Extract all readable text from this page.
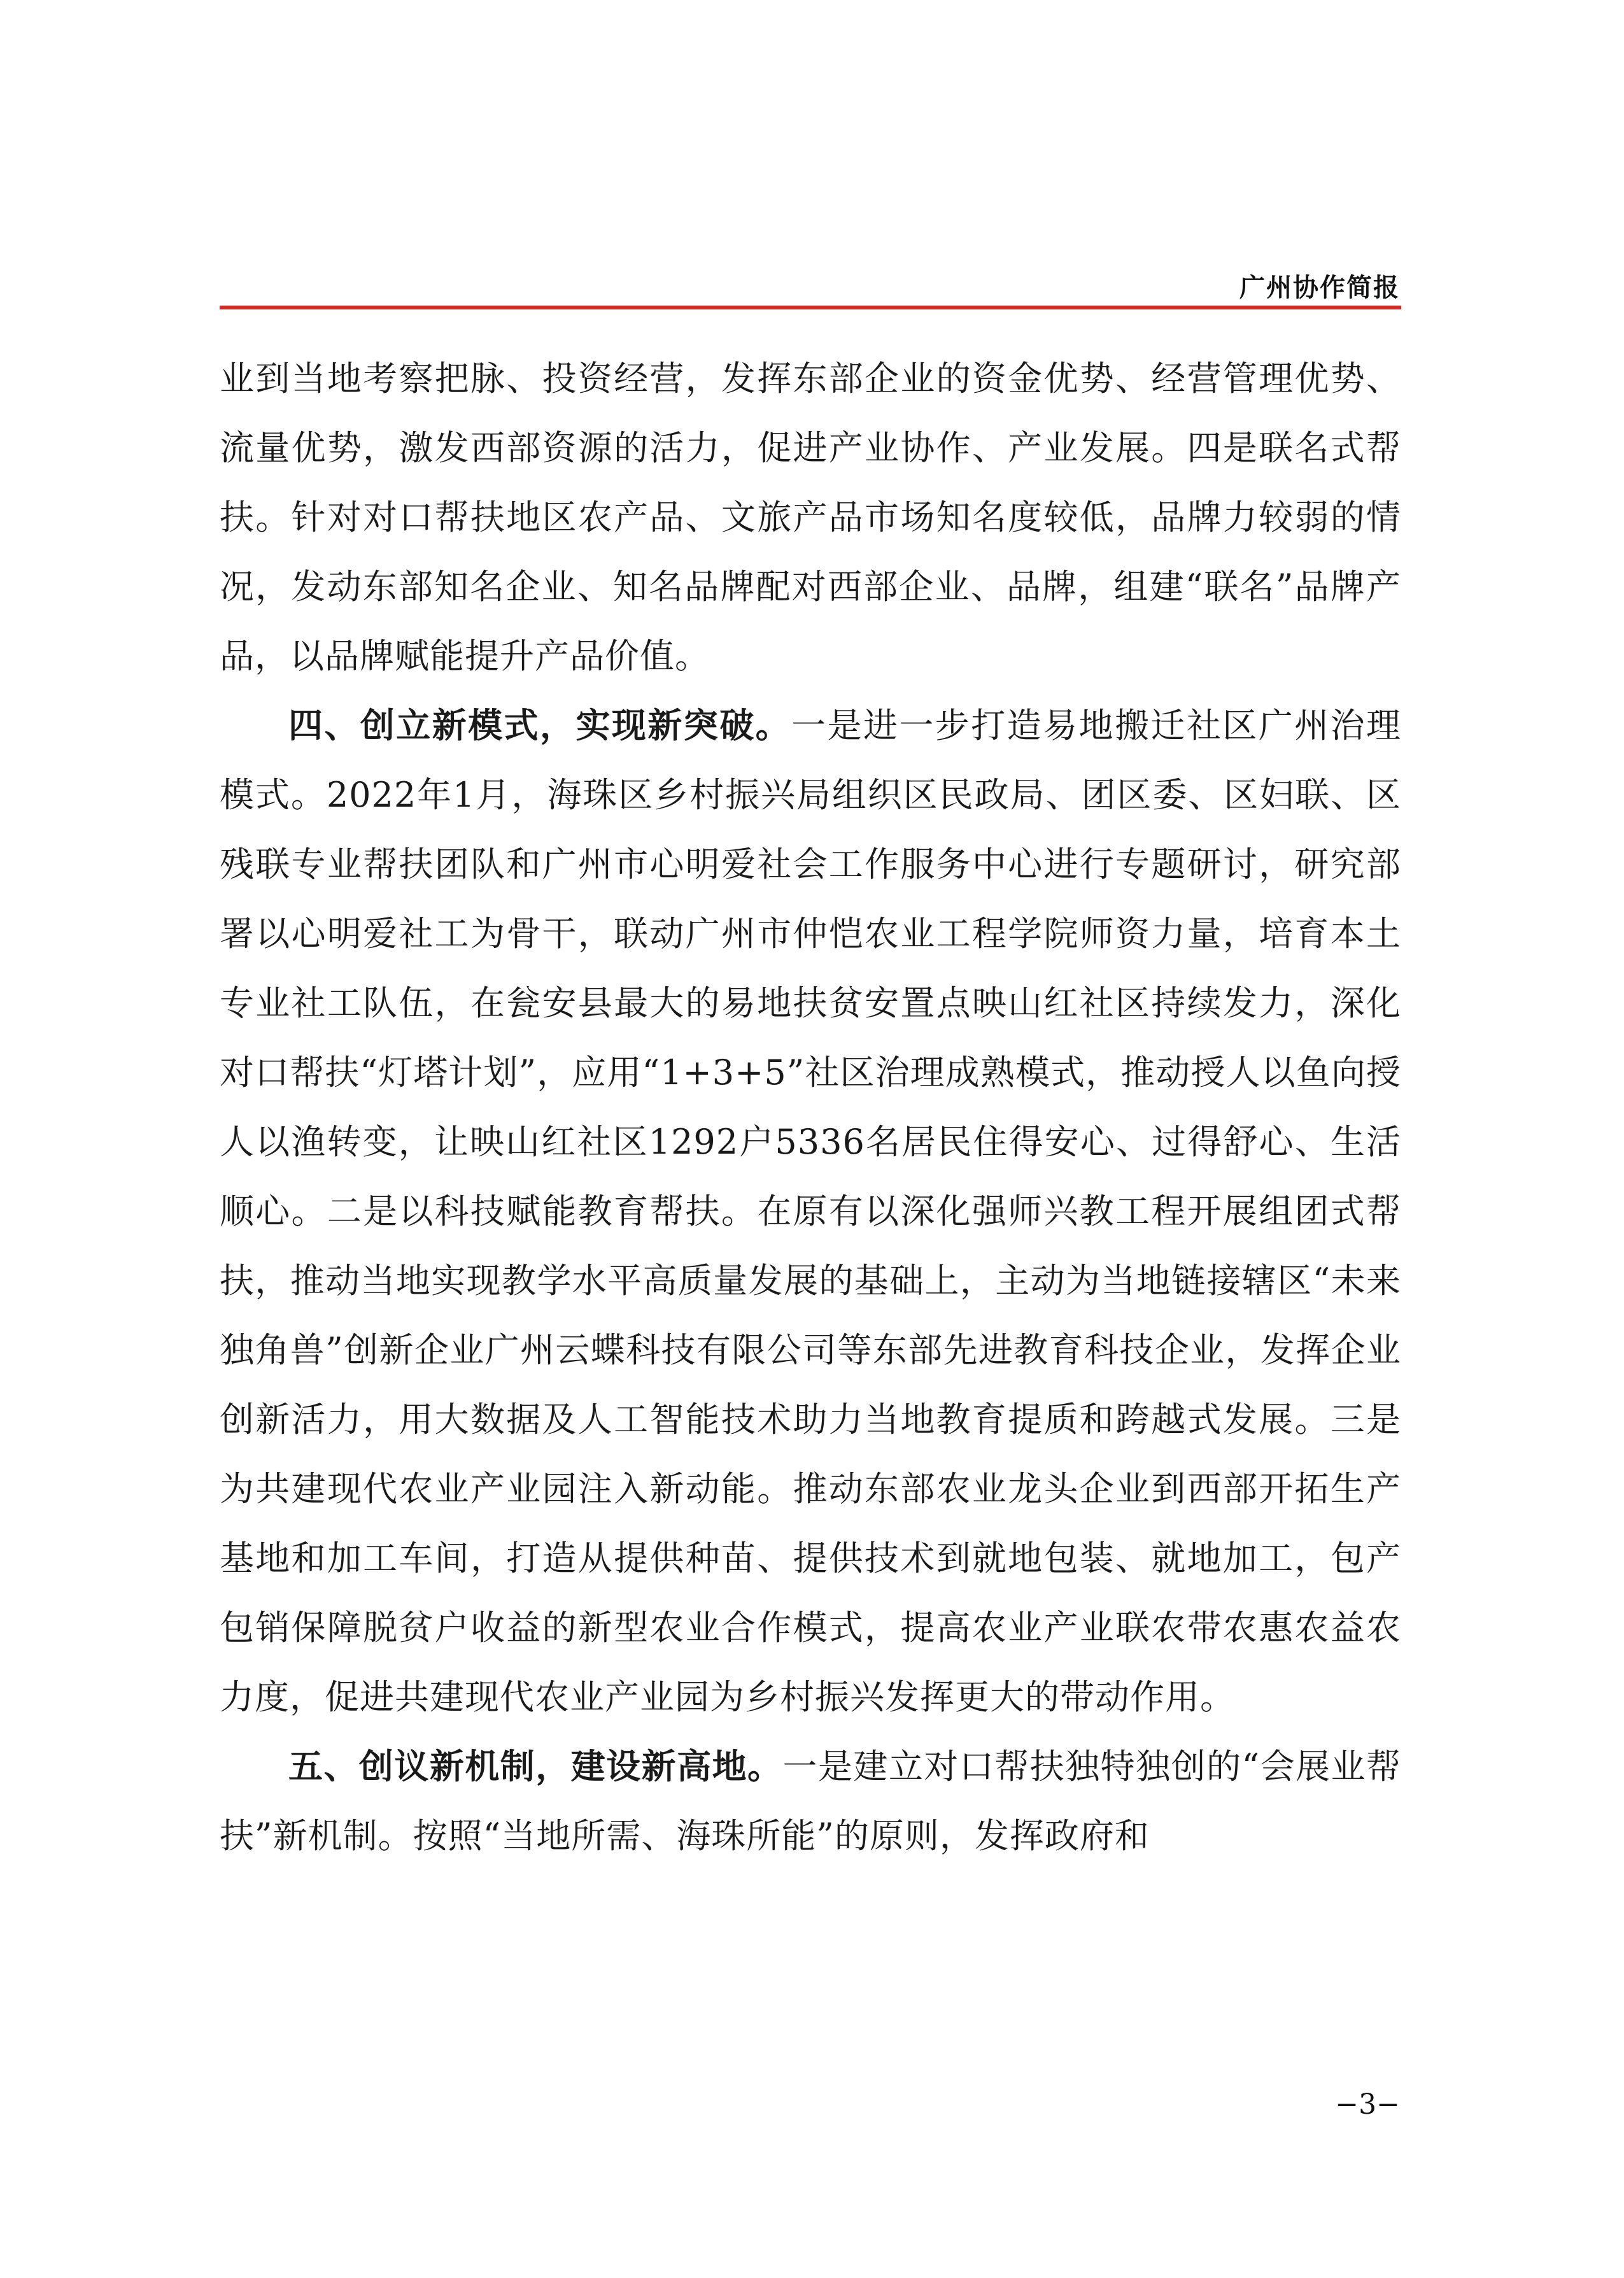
广州协作简报

业到当地考察把脉、投资经营，发挥东部企业的资金优势、经营管理优势、流量优势，激发西部资源的活力，促进产业协作、产业发展。四是联名式帮扶。针对对口帮扶地区农产品、文旅产品市场知名度较低，品牌力较弱的情况，发动东部知名企业、知名品牌配对西部企业、品牌，组建“联名”品牌产品，以品牌赋能提升产品价值。

四、创立新模式，实现新突破。一是进一步打造易地搬迁社区广州治理模式。2022年1月，海珠区乡村振兴局组织区民政局、团区委、区妇联、区残联专业帮扶团队和广州市心明爱社会工作服务中心进行专题研讨，研究部署以心明爱社工为骨干，联动广州市仲恺农业工程学院师资力量，培育本土专业社工队伍，在瓮安县最大的易地扶贫安置点映山红社区持续发力，深化对口帮扶“灯塔计划”，应用“1+3+5”社区治理成熟模式，推动授人以鱼向授人以渔转变，让映山红社区1292户5336名居民住得安心、过得舒心、生活顺心。二是以科技赋能教育帮扶。在原有以深化强师兴教工程开展组团式帮扶，推动当地实现教学水平高质量发展的基础上，主动为当地链接辖区“未来独角兽”创新企业广州云蝶科技有限公司等东部先进教育科技企业，发挥企业创新活力，用大数据及人工智能技术助力当地教育提质和跨越式发展。三是为共建现代农业产业园注入新动能。推动东部农业龙头企业到西部开拓生产基地和加工车间，打造从提供种苗、提供技术到就地包装、就地加工，包产包销保障脱贫户收益的新型农业合作模式，提高农业产业联农带农惠农益农力度，促进共建现代农业产业园为乡村振兴发挥更大的带动作用。

五、创议新机制，建设新高地。一是建立对口帮扶独特独创的“会展业帮扶”新机制。按照“当地所需、海珠所能”的原则，发挥政府和

−3−
